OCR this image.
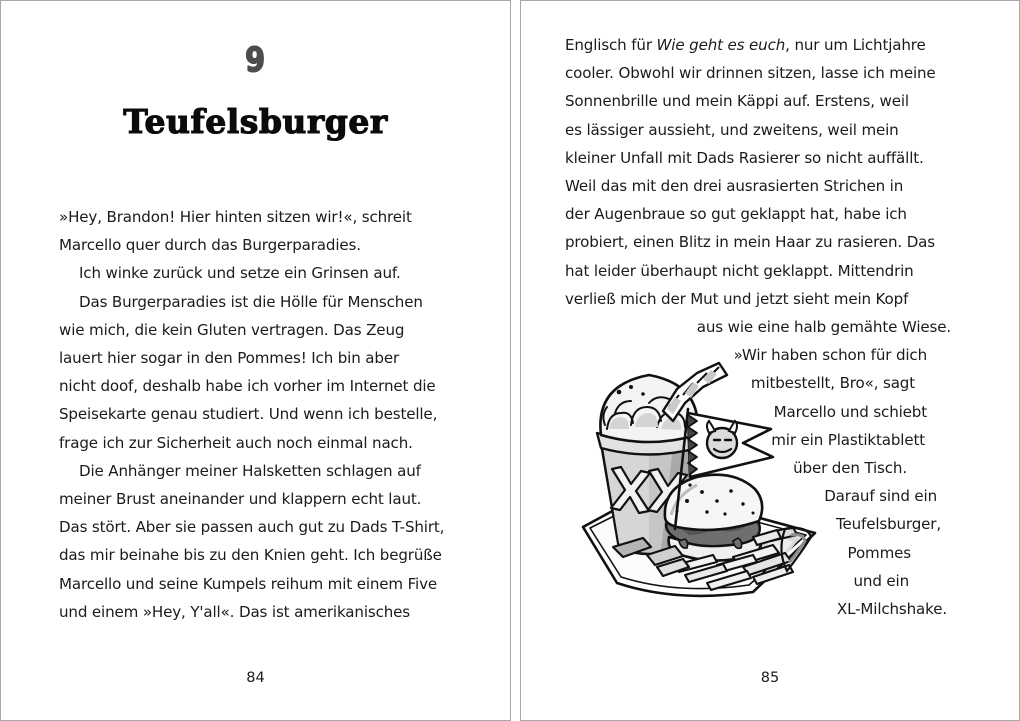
9
Teufelsburger

»Hey, Brandon! Hier hinten sitzen wir!«, schreit
Marcello quer durch das Burgerparadies.

Ich winke zurück und setze ein Grinsen auf.

Das Burgerparadies ist die Hölle für Menschen
wie mich, die kein Gluten vertragen. Das Zeug
lauert hier sogar in den Pommes! Ich bin aber
nicht doof, deshalb habe ich vorher im Internet die
Speisekarte genau studiert. Und wenn ich bestelle,
frage ich zur Sicherheit auch noch einmal nach.

Die Anhänger meiner Halsketten schlagen auf
meiner Brust aneinander und klappern echt laut.
Das stört. Aber sie passen auch gut zu Dads T-Shirt,
das mir beinahe bis zu den Knien geht. Ich begrüße
Marcello und seine Kumpels reihum mit einem Five
und einem »Hey, Y'all«. Das ist amerikanisches

84
Englisch für Wie geht es euch, nur um Lichtjahre
cooler. Obwohl wir drinnen sitzen, lasse ich meine
Sonnenbrille und mein Käppi auf. Erstens, weil
es lässiger aussieht, und zweitens, weil mein
kleiner Unfall mit Dads Rasierer so nicht auffällt.
Weil das mit den drei ausrasierten Strichen in
der Augenbraue so gut geklappt hat, habe ich
probiert, einen Blitz in mein Haar zu rasieren. Das
hat leider überhaupt nicht geklappt. Mittendrin
verließ mich der Mut und jetzt sieht mein Kopf
aus wie eine halb gemähte Wiese.
»Wir haben schon für dich
mitbestellt, Bro«, sagt
Marcello und schiebt
mir ein Plastiktablett
über den Tisch.
Darauf sind ein
Teufelsburger,
Pommes
und ein
XL-Milchshake.
85
